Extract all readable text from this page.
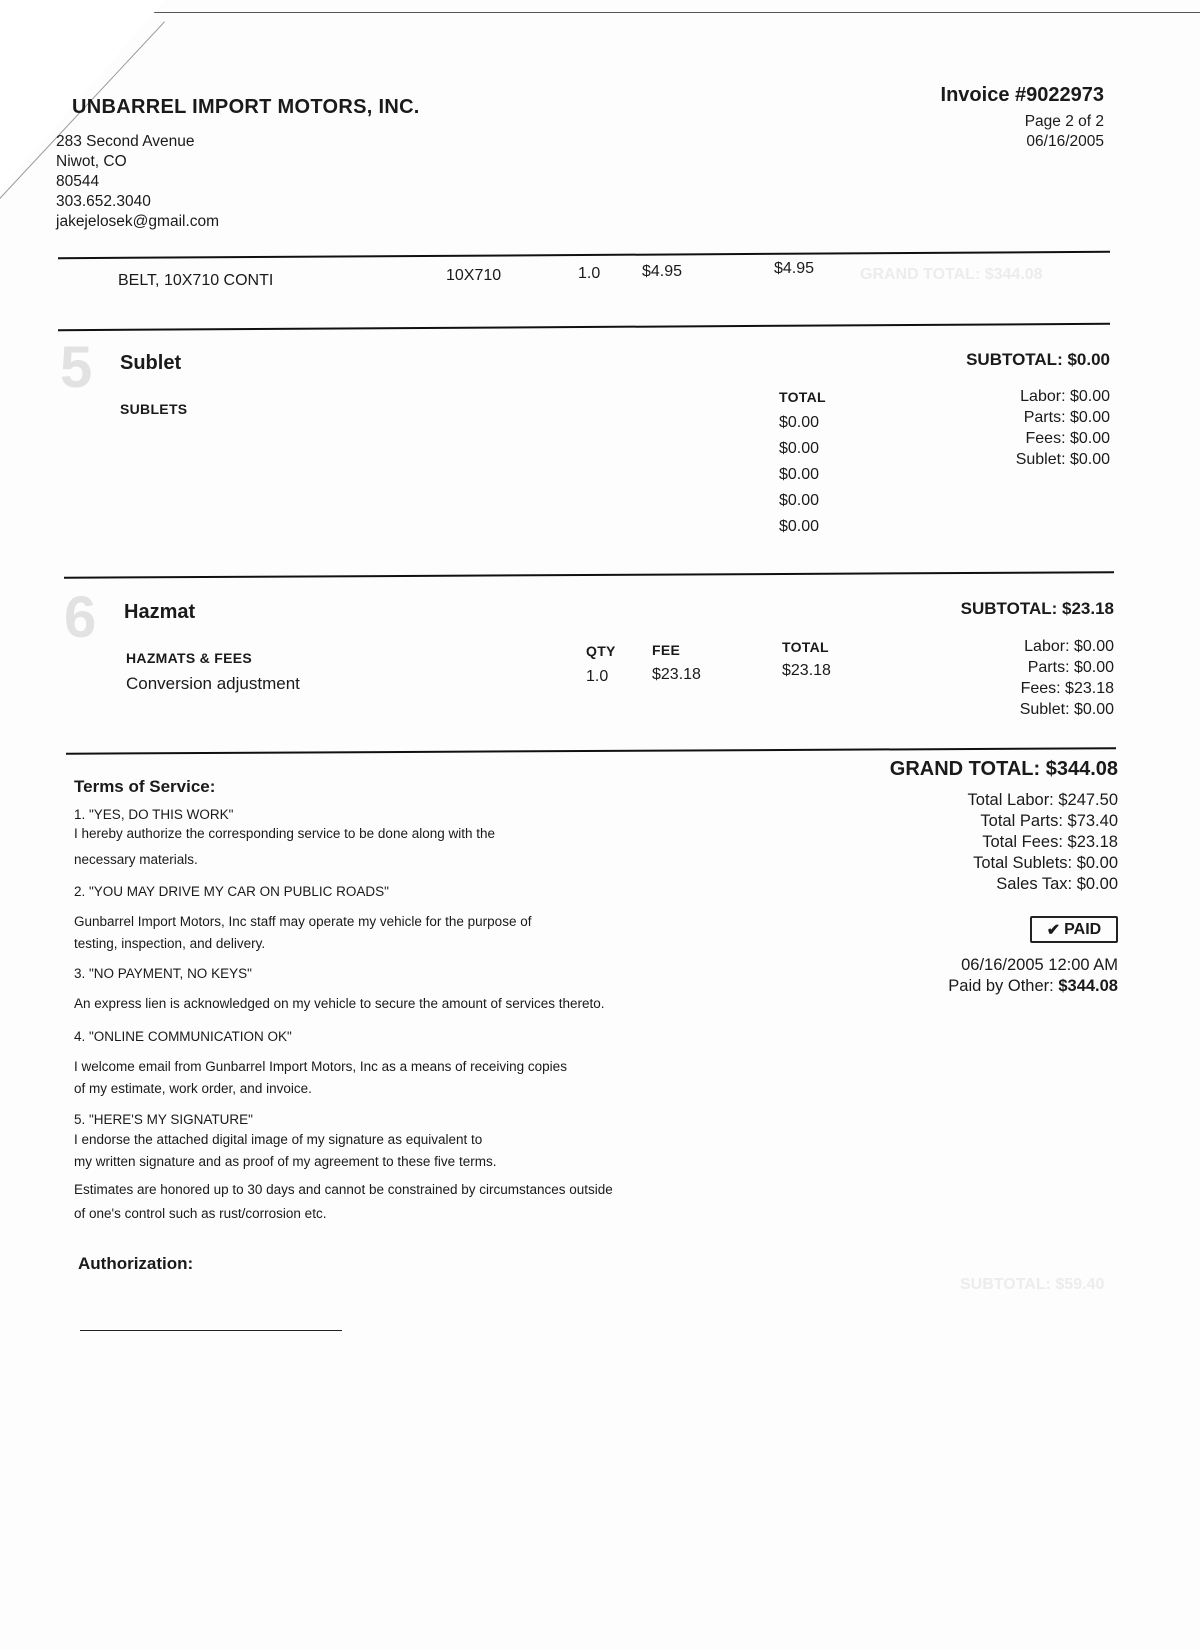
UNBARREL IMPORT MOTORS, INC.
283 Second Avenue
Niwot, CO
80544
303.652.3040
jakejelosek@gmail.com
Invoice #9022973
Page 2 of 2
06/16/2005
BELT, 10X710 CONTI	10X710	1.0	$4.95	$4.95	GRAND TOTAL: $344.08
5 Sublet	SUBTOTAL: $0.00
SUBLETS
TOTAL
$0.00
$0.00
$0.00
$0.00
$0.00
Labor: $0.00
Parts: $0.00
Fees: $0.00
Sublet: $0.00
6 Hazmat	SUBTOTAL: $23.18
HAZMATS & FEES	QTY	FEE	TOTAL
Conversion adjustment	1.0	$23.18	$23.18
Labor: $0.00
Parts: $0.00
Fees: $23.18
Sublet: $0.00
GRAND TOTAL: $344.08
Total Labor: $247.50
Total Parts: $73.40
Total Fees: $23.18
Total Sublets: $0.00
Sales Tax: $0.00
✔ PAID
06/16/2005 12:00 AM
Paid by Other: $344.08
Terms of Service:
1. "YES, DO THIS WORK"
I hereby authorize the corresponding service to be done along with the
necessary materials.
2. "YOU MAY DRIVE MY CAR ON PUBLIC ROADS"
Gunbarrel Import Motors, Inc staff may operate my vehicle for the purpose of
testing, inspection, and delivery.
3. "NO PAYMENT, NO KEYS"
An express lien is acknowledged on my vehicle to secure the amount of services thereto.
4. "ONLINE COMMUNICATION OK"
I welcome email from Gunbarrel Import Motors, Inc as a means of receiving copies
of my estimate, work order, and invoice.
5. "HERE'S MY SIGNATURE"
I endorse the attached digital image of my signature as equivalent to
my written signature and as proof of my agreement to these five terms.
Estimates are honored up to 30 days and cannot be constrained by circumstances outside
of one's control such as rust/corrosion etc.
Authorization:
SUBTOTAL: $59.40
